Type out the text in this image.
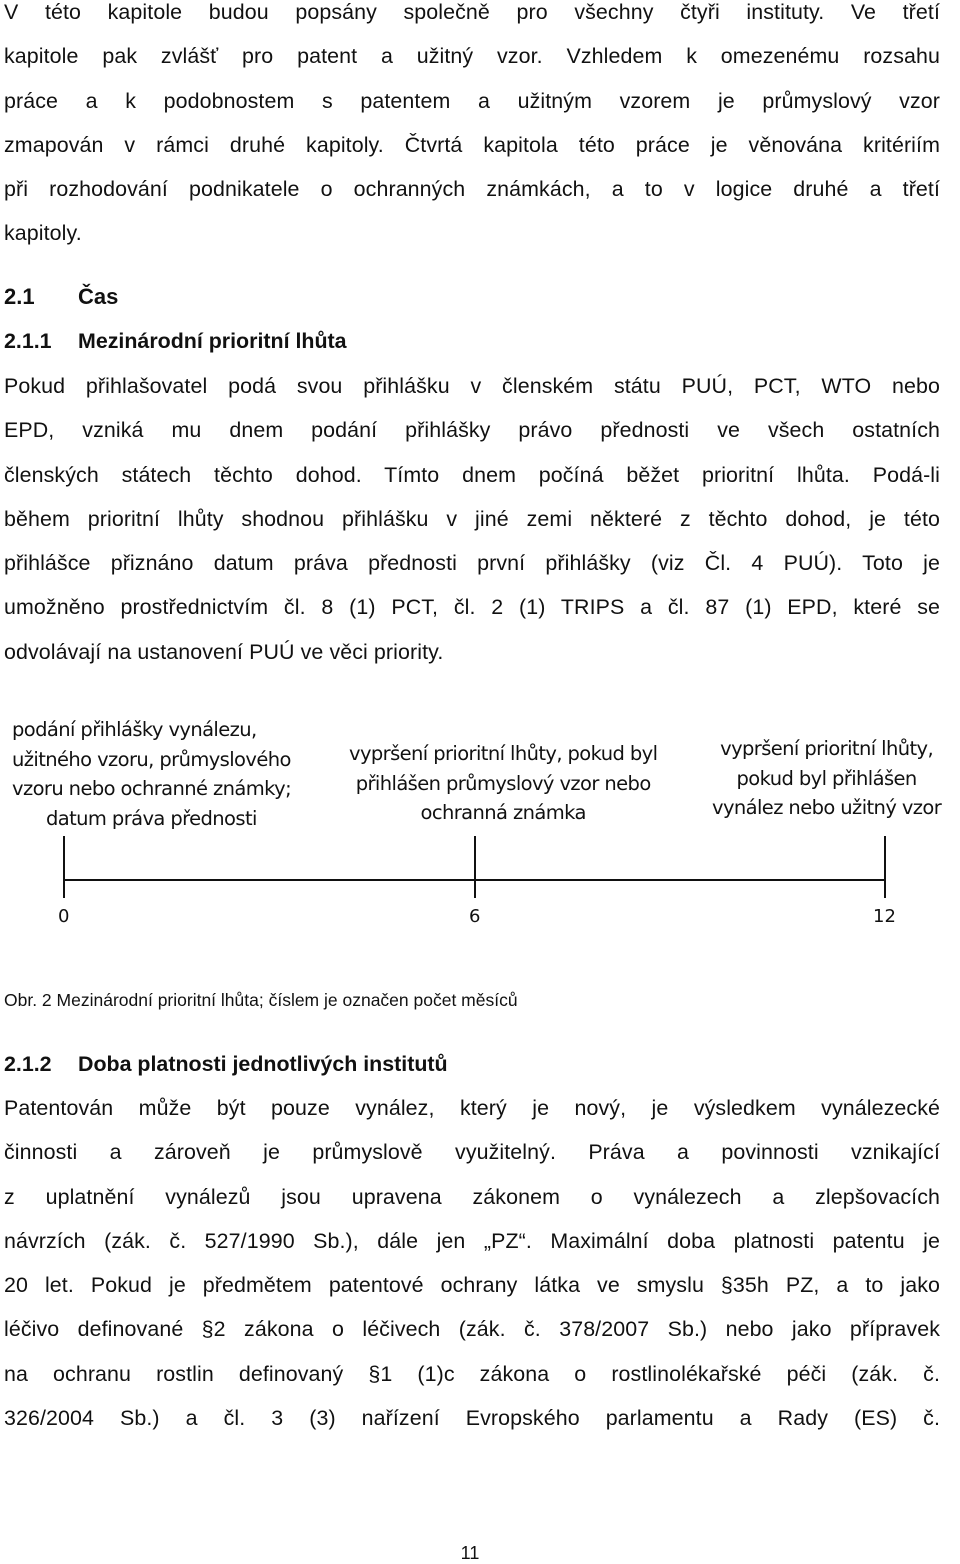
V této kapitole budou popsány společně pro všechny čtyři instituty. Ve třetí

kapitole pak zvlášť pro patent a užitný vzor. Vzhledem k omezenému rozsahu

práce a k podobnostem s patentem a užitným vzorem je průmyslový vzor

zmapován v rámci druhé kapitoly. Čtvrtá kapitola této práce je věnována kritériím

při rozhodování podnikatele o ochranných známkách, a to v logice druhé a třetí

kapitoly.

2.1 Čas
2.1.1 Mezinárodní prioritní lhůta

Pokud přihlašovatel podá svou přihlášku v členském státu PUÚ, PCT, WTO nebo

EPD, vzniká mu dnem podání přihlášky právo přednosti ve všech ostatních

členských státech těchto dohod. Tímto dnem počíná běžet prioritní lhůta. Podá-li

během prioritní lhůty shodnou přihlášku v jiné zemi některé z těchto dohod, je této

přihlášce přiznáno datum práva přednosti první přihlášky (viz Čl. 4 PUÚ). Toto je

umožněno prostřednictvím čl. 8 (1) PCT, čl. 2 (1) TRIPS a čl. 87 (1) EPD, které se

odvolávají na ustanovení PUÚ ve věci priority.

podání přihlášky vynálezu,
užitného vzoru, průmyslového
vzoru nebo ochranné známky;
datum práva přednosti
vypršení prioritní lhůty, pokud byl
přihlášen průmyslový vzor nebo
ochranná známka
vypršení prioritní lhůty,
pokud byl přihlášen
vynález nebo užitný vzor
0	6	12
Obr. 2 Mezinárodní prioritní lhůta; číslem je označen počet měsíců
2.1.2 Doba platnosti jednotlivých institutů

Patentován může být pouze vynález, který je nový, je výsledkem vynálezecké

činnosti a zároveň je průmyslově využitelný. Práva a povinnosti vznikající

z uplatnění vynálezů jsou upravena zákonem o vynálezech a zlepšovacích

návrzích (zák. č. 527/1990 Sb.), dále jen „PZ“. Maximální doba platnosti patentu je

20 let. Pokud je předmětem patentové ochrany látka ve smyslu §35h PZ, a to jako

léčivo definované §2 zákona o léčivech (zák. č. 378/2007 Sb.) nebo jako přípravek

na ochranu rostlin definovaný §1 (1)c zákona o rostlinolékařské péči (zák. č.

326/2004 Sb.) a čl. 3 (3) nařízení Evropského parlamentu a Rady (ES) č.

11
